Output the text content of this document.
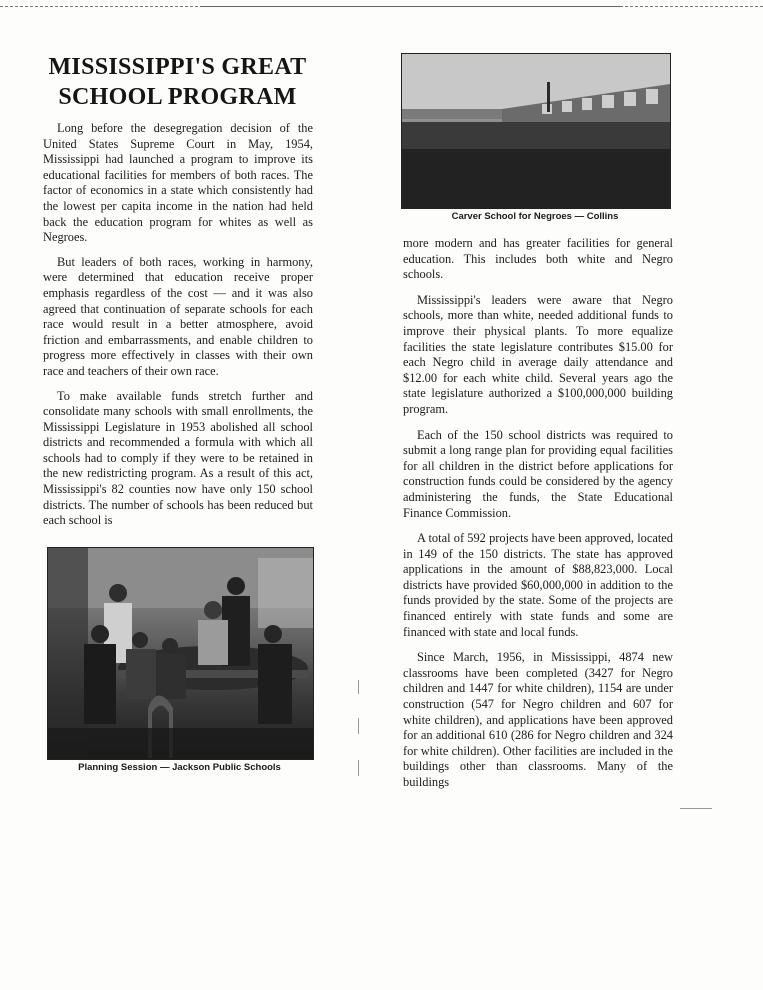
MISSISSIPPI'S GREAT
SCHOOL PROGRAM

Long before the desegregation decision of the United States Supreme Court in May, 1954, Mississippi had launched a program to improve its educational facilities for members of both races. The factor of economics in a state which consistently had the lowest per capita income in the nation had held back the education program for whites as well as Negroes.

But leaders of both races, working in harmony, were determined that education receive proper emphasis regardless of the cost — and it was also agreed that continuation of separate schools for each race would result in a better atmosphere, avoid friction and embarrassments, and enable children to progress more effectively in classes with their own race and teachers of their own race.

To make available funds stretch further and consolidate many schools with small enrollments, the Mississippi Legislature in 1953 abolished all school districts and recommended a formula with which all schools had to comply if they were to be retained in the new redistricting program. As a result of this act, Mississippi's 82 counties now have only 150 school districts. The number of schools has been reduced but each school is

Planning Session — Jackson Public Schools
Carver School for Negroes — Collins

more modern and has greater facilities for general education. This includes both white and Negro schools.

Mississippi's leaders were aware that Negro schools, more than white, needed additional funds to improve their physical plants. To more equalize facilities the state legislature contributes $15.00 for each Negro child in average daily attendance and $12.00 for each white child. Several years ago the state legislature authorized a $100,000,000 building program.

Each of the 150 school districts was required to submit a long range plan for providing equal facilities for all children in the district before applications for construction funds could be considered by the agency administering the funds, the State Educational Finance Commission.

A total of 592 projects have been approved, located in 149 of the 150 districts. The state has approved applications in the amount of $88,823,000. Local districts have provided $60,000,000 in addition to the funds provided by the state. Some of the projects are financed entirely with state funds and some are financed with state and local funds.

Since March, 1956, in Mississippi, 4874 new classrooms have been completed (3427 for Negro children and 1447 for white children), 1154 are under construction (547 for Negro children and 607 for white children), and applications have been approved for an additional 610 (286 for Negro children and 324 for white children). Other facilities are included in the buildings other than classrooms. Many of the buildings
